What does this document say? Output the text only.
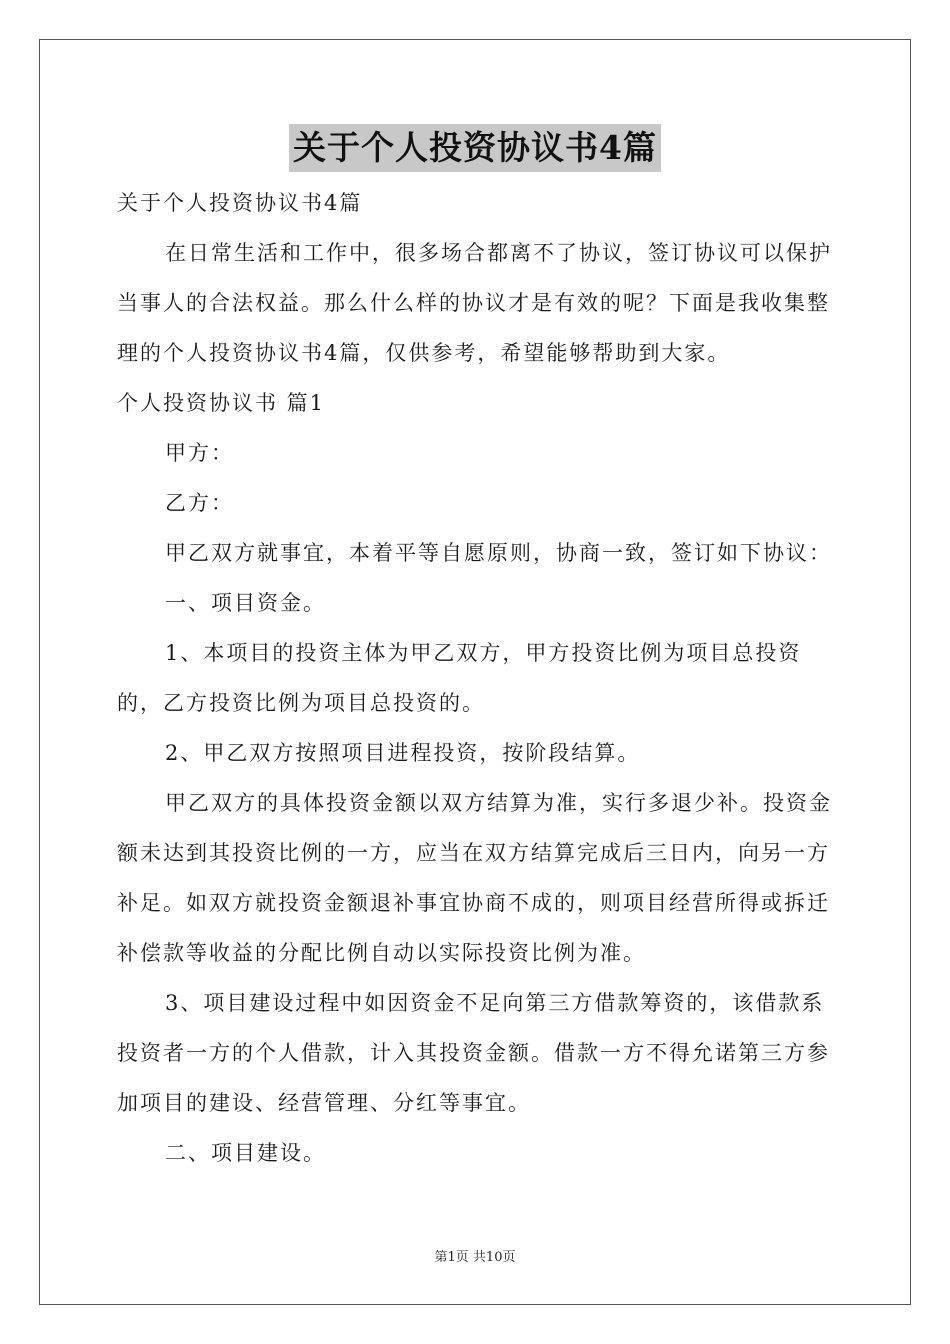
关于个人投资协议书4篇

关于个人投资协议书4篇

在日常生活和工作中，很多场合都离不了协议，签订协议可以保护当事人的合法权益。那么什么样的协议才是有效的呢？下面是我收集整理的个人投资协议书4篇，仅供参考，希望能够帮助到大家。

个人投资协议书 篇1

甲方：

乙方：

甲乙双方就事宜，本着平等自愿原则，协商一致，签订如下协议：

一、项目资金。

1、本项目的投资主体为甲乙双方，甲方投资比例为项目总投资的，乙方投资比例为项目总投资的。

2、甲乙双方按照项目进程投资，按阶段结算。

甲乙双方的具体投资金额以双方结算为准，实行多退少补。投资金额未达到其投资比例的一方，应当在双方结算完成后三日内，向另一方补足。如双方就投资金额退补事宜协商不成的，则项目经营所得或拆迁补偿款等收益的分配比例自动以实际投资比例为准。

3、项目建设过程中如因资金不足向第三方借款筹资的，该借款系投资者一方的个人借款，计入其投资金额。借款一方不得允诺第三方参加项目的建设、经营管理、分红等事宜。

二、项目建设。

第1页 共10页
